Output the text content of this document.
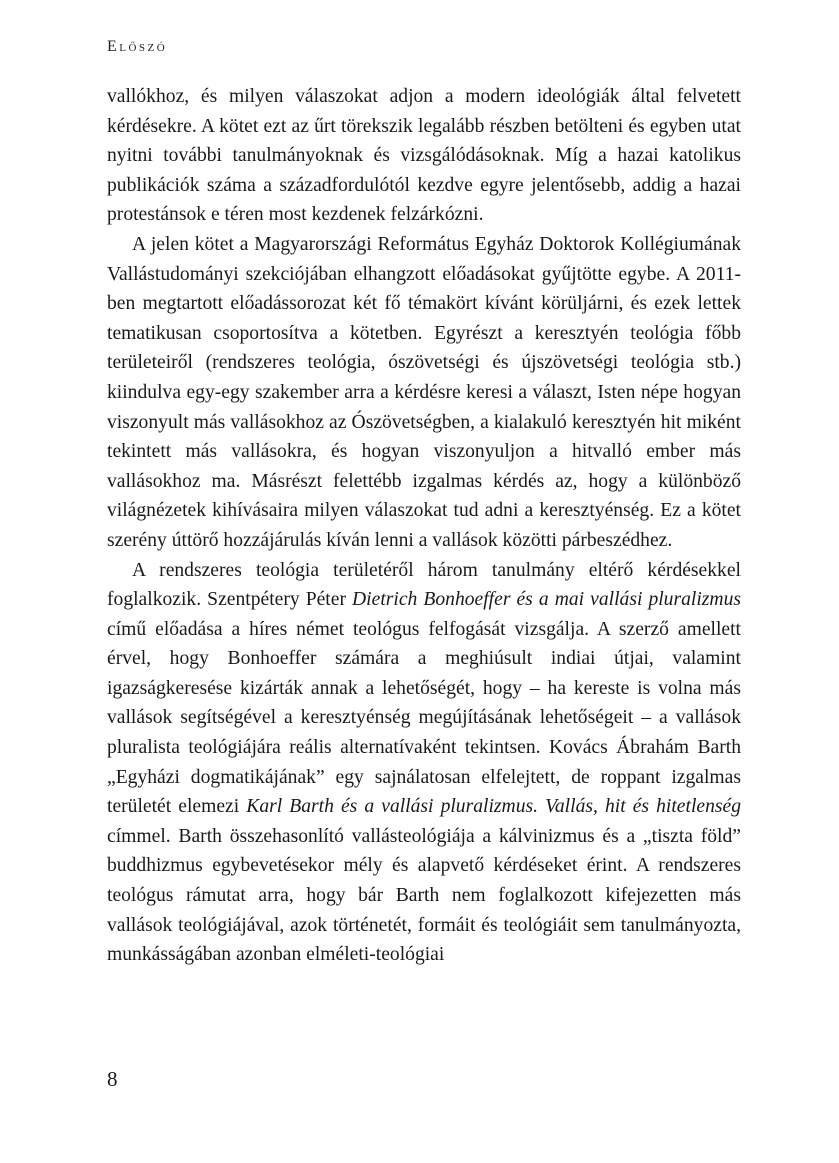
Előszó

vallókhoz, és milyen válaszokat adjon a modern ideológiák által felvetett kérdésekre. A kötet ezt az űrt törekszik legalább részben betölteni és egyben utat nyitni további tanulmányoknak és vizsgálódásoknak. Míg a hazai katolikus publikációk száma a századfordulótól kezdve egyre jelentősebb, addig a hazai protestánsok e téren most kezdenek felzárkózni.

A jelen kötet a Magyarországi Református Egyház Doktorok Kollégiumának Vallástudományi szekciójában elhangzott előadásokat gyűjtötte egybe. A 2011-ben megtartott előadássorozat két fő témakört kívánt körüljárni, és ezek lettek tematikusan csoportosítva a kötetben. Egyrészt a keresztyén teológia főbb területeiről (rendszeres teológia, ószövetségi és újszövetségi teológia stb.) kiindulva egy-egy szakember arra a kérdésre keresi a választ, Isten népe hogyan viszonyult más vallásokhoz az Ószövetségben, a kialakuló keresztyén hit miként tekintett más vallásokra, és hogyan viszonyuljon a hitvalló ember más vallásokhoz ma. Másrészt felettébb izgalmas kérdés az, hogy a különböző világnézetek kihívásaira milyen válaszokat tud adni a keresztyénség. Ez a kötet szerény úttörő hozzájárulás kíván lenni a vallások közötti párbeszédhez.

A rendszeres teológia területéről három tanulmány eltérő kérdésekkel foglalkozik. Szentpétery Péter Dietrich Bonhoeffer és a mai vallási pluralizmus című előadása a híres német teológus felfogását vizsgálja. A szerző amellett érvel, hogy Bonhoeffer számára a meghiúsult indiai útjai, valamint igazságkeresése kizárták annak a lehetőségét, hogy – ha kereste is volna más vallások segítségével a keresztyénség megújításának lehetőségeit – a vallások pluralista teológiájára reális alternatívaként tekintsen. Kovács Ábrahám Barth „Egyházi dogmatikájának” egy sajnálatosan elfelejtett, de roppant izgalmas területét elemezi Karl Barth és a vallási pluralizmus. Vallás, hit és hitetlenség címmel. Barth összehasonlító vallásteológiája a kálvinizmus és a „tiszta föld” buddhizmus egybevetésekor mély és alapvető kérdéseket érint. A rendszeres teológus rámutat arra, hogy bár Barth nem foglalkozott kifejezetten más vallások teológiájával, azok történetét, formáit és teológiáit sem tanulmányozta, munkásságában azonban elméleti-teológiai

8
